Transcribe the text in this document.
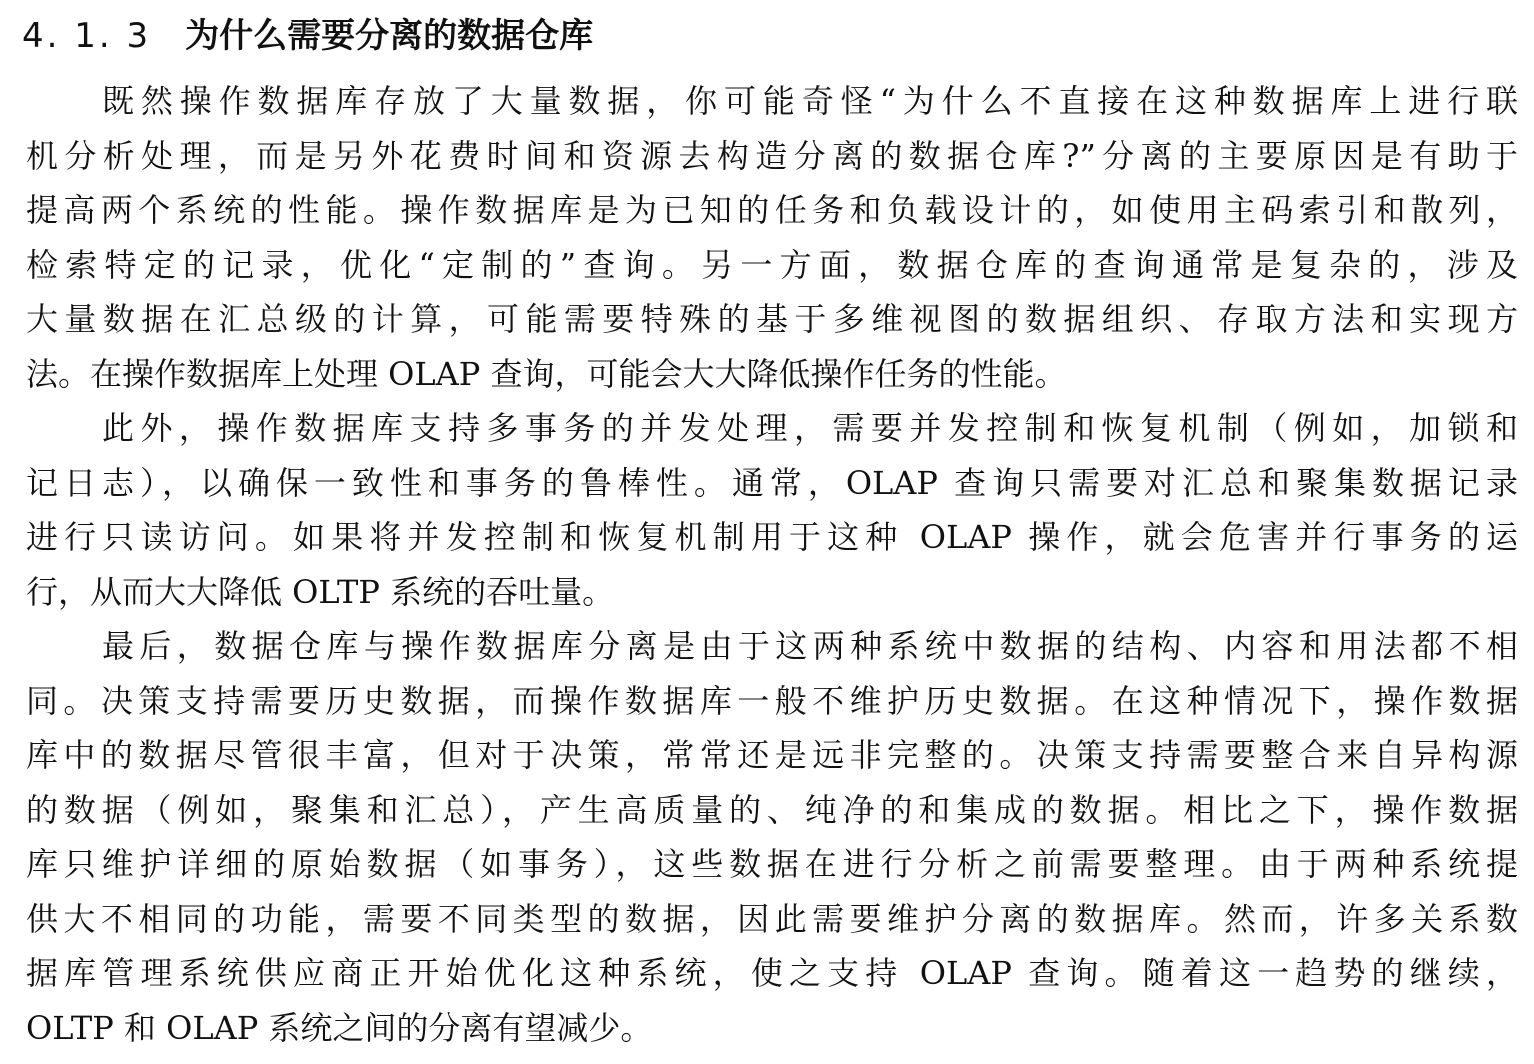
4. 1. 3 为什么需要分离的数据仓库
既然操作数据库存放了大量数据，你可能奇怪“为什么不直接在这种数据库上进行联
机分析处理，而是另外花费时间和资源去构造分离的数据仓库?”分离的主要原因是有助于
提高两个系统的性能。操作数据库是为已知的任务和负载设计的，如使用主码索引和散列，
检索特定的记录，优化“定制的”查询。另一方面，数据仓库的查询通常是复杂的，涉及
大量数据在汇总级的计算，可能需要特殊的基于多维视图的数据组织、存取方法和实现方
法。在操作数据库上处理 OLAP 查询，可能会大大降低操作任务的性能。
此外，操作数据库支持多事务的并发处理，需要并发控制和恢复机制（例如，加锁和
记日志），以确保一致性和事务的鲁棒性。通常，OLAP 查询只需要对汇总和聚集数据记录
进行只读访问。如果将并发控制和恢复机制用于这种 OLAP 操作，就会危害并行事务的运
行，从而大大降低 OLTP 系统的吞吐量。
最后，数据仓库与操作数据库分离是由于这两种系统中数据的结构、内容和用法都不相
同。决策支持需要历史数据，而操作数据库一般不维护历史数据。在这种情况下，操作数据
库中的数据尽管很丰富，但对于决策，常常还是远非完整的。决策支持需要整合来自异构源
的数据（例如，聚集和汇总），产生高质量的、纯净的和集成的数据。相比之下，操作数据
库只维护详细的原始数据（如事务），这些数据在进行分析之前需要整理。由于两种系统提
供大不相同的功能，需要不同类型的数据，因此需要维护分离的数据库。然而，许多关系数
据库管理系统供应商正开始优化这种系统，使之支持 OLAP 查询。随着这一趋势的继续，
OLTP 和 OLAP 系统之间的分离有望减少。
